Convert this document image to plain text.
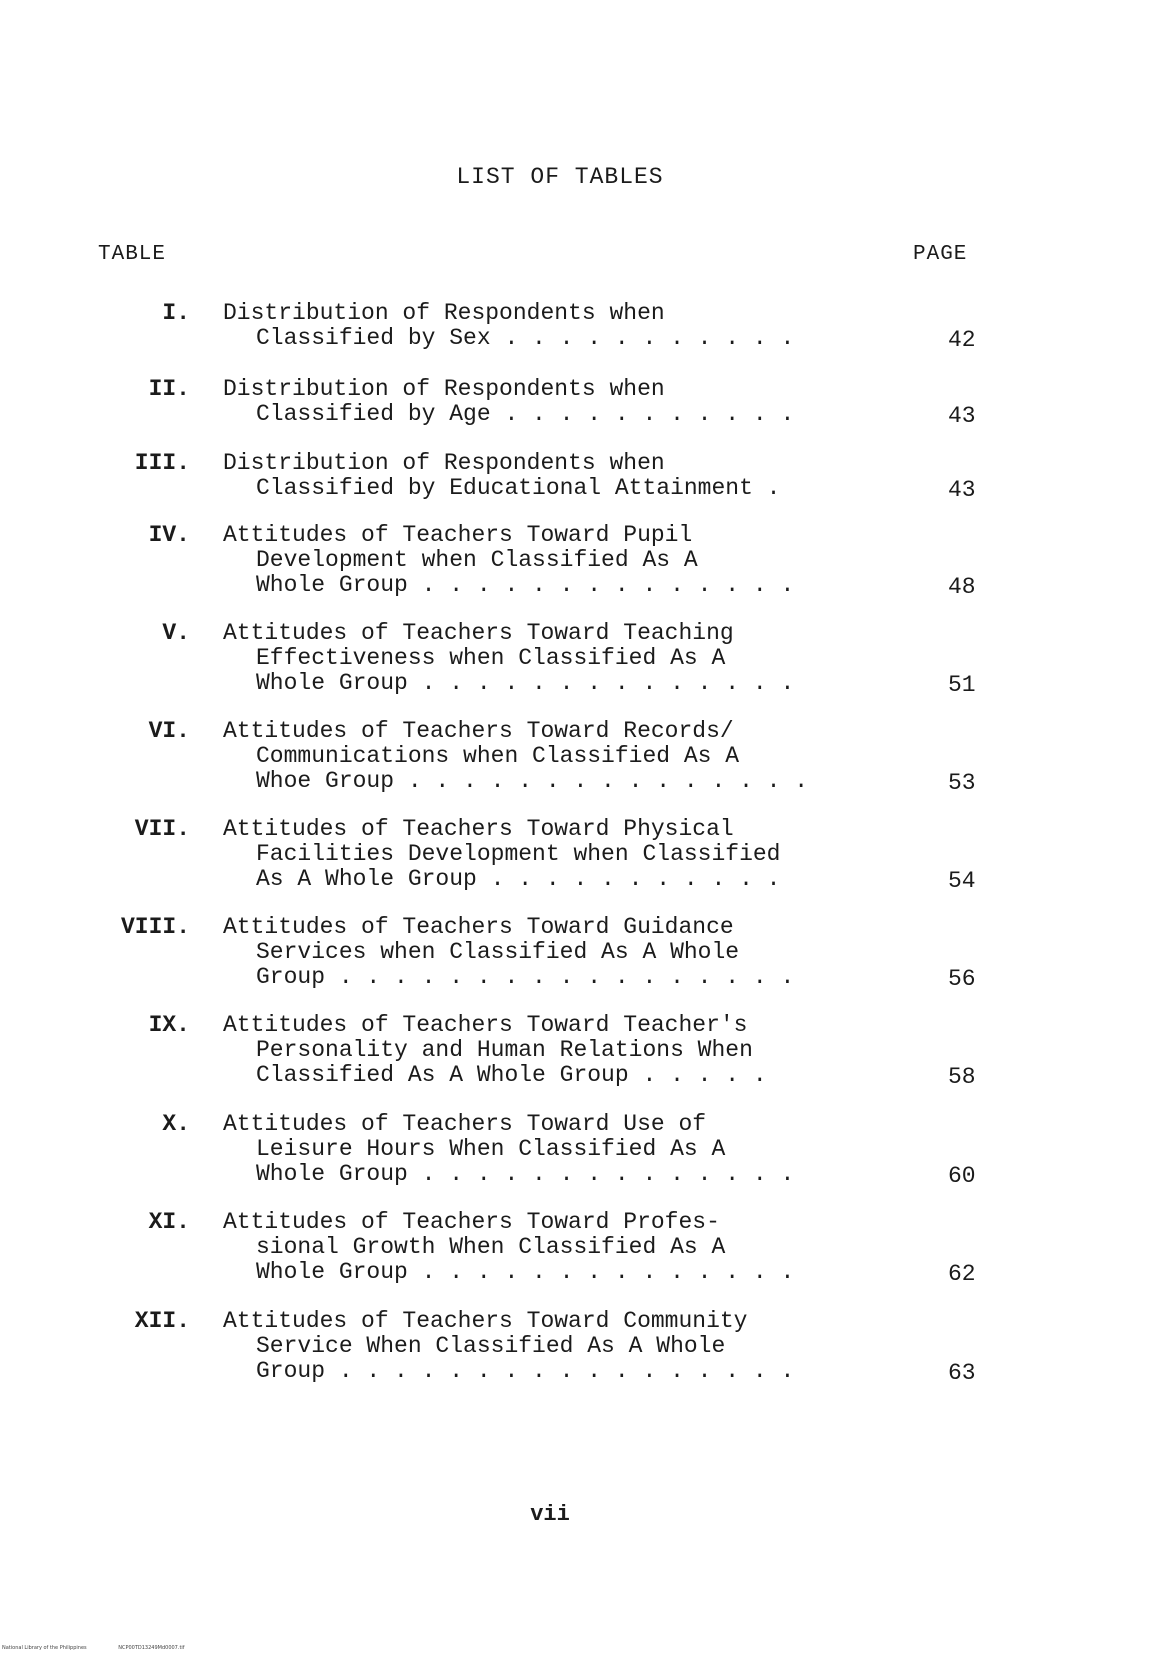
LIST OF TABLES
TABLE	PAGE
I. Distribution of Respondents when
Classified by Sex . . . . . . . . . . .	42
II. Distribution of Respondents when
Classified by Age . . . . . . . . . . .	43
III. Distribution of Respondents when
Classified by Educational Attainment .	43
IV. Attitudes of Teachers Toward Pupil
Development when Classified As A
Whole Group . . . . . . . . . . . . . .	48
V. Attitudes of Teachers Toward Teaching
Effectiveness when Classified As A
Whole Group . . . . . . . . . . . . . .	51
VI. Attitudes of Teachers Toward Records/
Communications when Classified As A
Whoe Group . . . . . . . . . . . . . . .	53
VII. Attitudes of Teachers Toward Physical
Facilities Development when Classified
As A Whole Group . . . . . . . . . . .	54
VIII. Attitudes of Teachers Toward Guidance
Services when Classified As A Whole
Group . . . . . . . . . . . . . . . . .	56
IX. Attitudes of Teachers Toward Teacher's
Personality and Human Relations When
Classified As A Whole Group . . . . .	58
X. Attitudes of Teachers Toward Use of
Leisure Hours When Classified As A
Whole Group . . . . . . . . . . . . . .	60
XI. Attitudes of Teachers Toward Profes-
sional Growth When Classified As A
Whole Group . . . . . . . . . . . . . .	62
XII. Attitudes of Teachers Toward Community
Service When Classified As A Whole
Group . . . . . . . . . . . . . . . . .	63
vii
National Library of the Philippines	NCP00TD13249Md0007.tif
